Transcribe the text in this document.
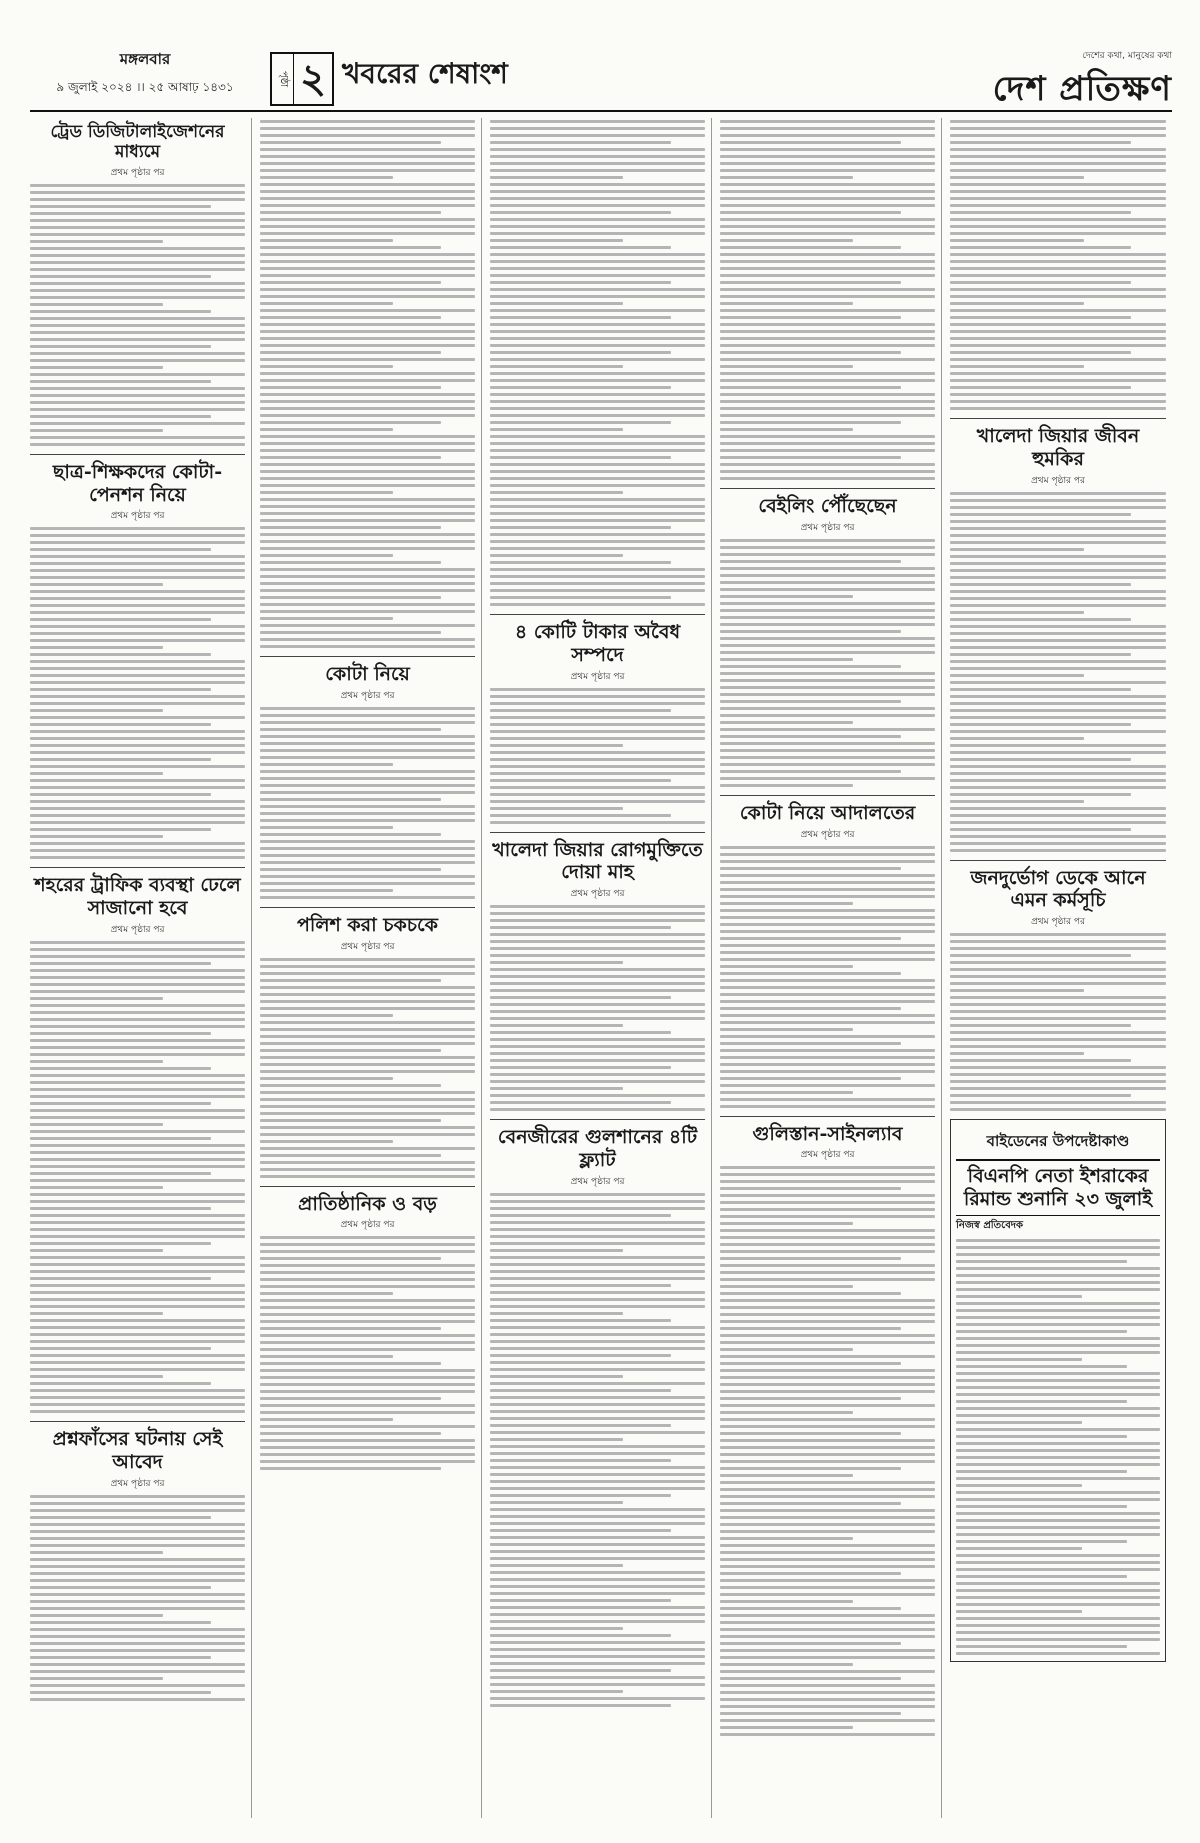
মঙ্গলবার
৯ জুলাই ২০২৪ ।। ২৫ আষাঢ় ১৪৩১	পৃষ্ঠা ২ খবরের শেষাংশ
দেশের কথা, মানুষের কথা
দেশ প্রতিক্ষণ
ট্রেড ডিজিটালাইজেশনের মাধ্যমে
প্রথম পৃষ্ঠার পর
ছাত্র-শিক্ষকদের কোটা-পেনশন নিয়ে
প্রথম পৃষ্ঠার পর
শহরের ট্রাফিক ব্যবস্থা ঢেলে সাজানো হবে
প্রথম পৃষ্ঠার পর
প্রশ্নফাঁসের ঘটনায় সেই আবেদ
প্রথম পৃষ্ঠার পর
কোটা নিয়ে
প্রথম পৃষ্ঠার পর
পলিশ করা চকচকে
প্রথম পৃষ্ঠার পর
প্রাতিষ্ঠানিক ও বড়
প্রথম পৃষ্ঠার পর
৪ কোটি টাকার অবৈধ সম্পদে
প্রথম পৃষ্ঠার পর
খালেদা জিয়ার রোগমুক্তিতে দোয়া মাহ
প্রথম পৃষ্ঠার পর
বেনজীরের গুলশানের ৪টি ফ্ল্যাট
প্রথম পৃষ্ঠার পর
বেইলিং পৌঁছেছেন
প্রথম পৃষ্ঠার পর
কোটা নিয়ে আদালতের
প্রথম পৃষ্ঠার পর
গুলিস্তান-সাইনল্যাব
প্রথম পৃষ্ঠার পর
খালেদা জিয়ার জীবন হুমকির
প্রথম পৃষ্ঠার পর
জনদুর্ভোগ ডেকে আনে এমন কর্মসূচি
প্রথম পৃষ্ঠার পর
বাইডেনের উপদেষ্টাকাণ্ড
বিএনপি নেতা ইশরাকের রিমান্ড শুনানি ২৩ জুলাই
নিজস্ব প্রতিবেদক
